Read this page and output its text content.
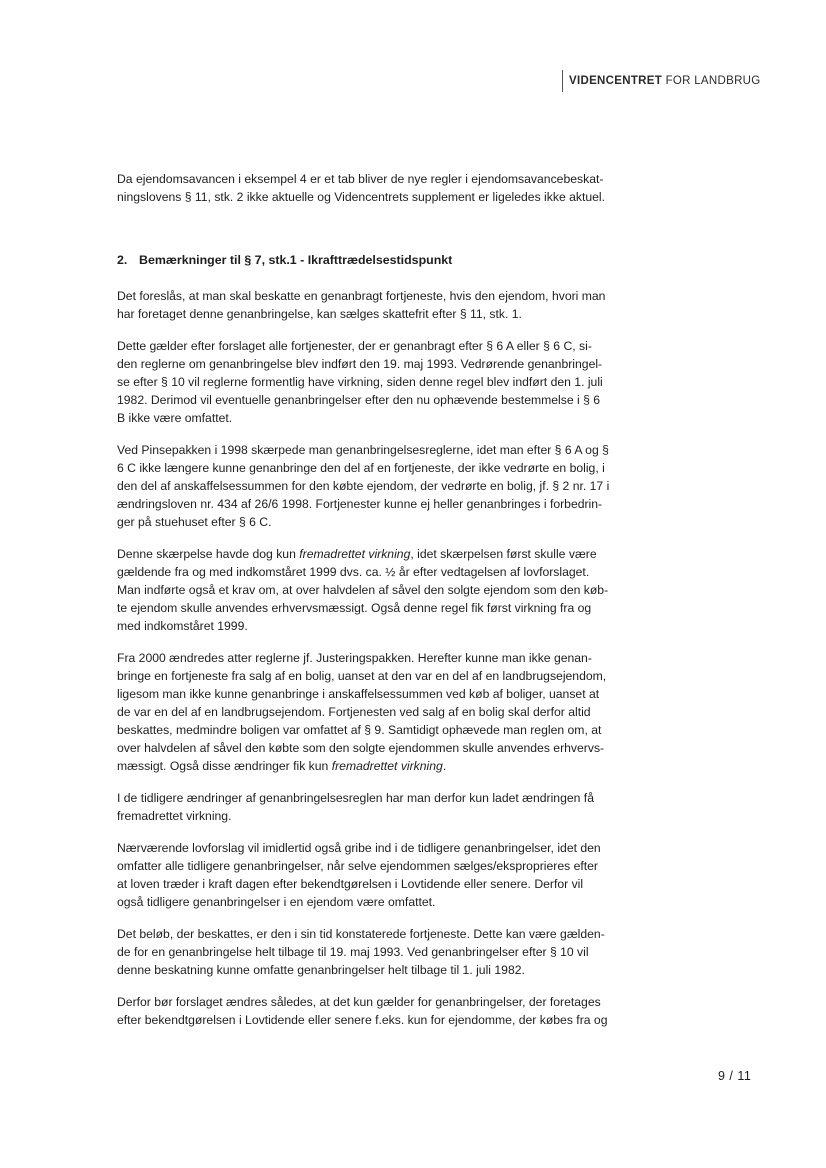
VIDENCENTRET FOR LANDBRUG

Da ejendomsavancen i eksempel 4 er et tab bliver de nye regler i ejendomsavancebeskat-
ningslovens § 11, stk. 2 ikke aktuelle og Videncentrets supplement er ligeledes ikke aktuel.

2. Bemærkninger til § 7, stk.1 - Ikrafttrædelsestidspunkt

Det foreslås, at man skal beskatte en genanbragt fortjeneste, hvis den ejendom, hvori man
har foretaget denne genanbringelse, kan sælges skattefrit efter § 11, stk. 1.

Dette gælder efter forslaget alle fortjenester, der er genanbragt efter § 6 A eller § 6 C, si-
den reglerne om genanbringelse blev indført den 19. maj 1993. Vedrørende genanbringel-
se efter § 10 vil reglerne formentlig have virkning, siden denne regel blev indført den 1. juli
1982. Derimod vil eventuelle genanbringelser efter den nu ophævende bestemmelse i § 6
B ikke være omfattet.

Ved Pinsepakken i 1998 skærpede man genanbringelsesreglerne, idet man efter § 6 A og §
6 C ikke længere kunne genanbringe den del af en fortjeneste, der ikke vedrørte en bolig, i
den del af anskaffelsessummen for den købte ejendom, der vedrørte en bolig, jf. § 2 nr. 17 i
ændringsloven nr. 434 af 26/6 1998. Fortjenester kunne ej heller genanbringes i forbedrin-
ger på stuehuset efter § 6 C.

Denne skærpelse havde dog kun fremadrettet virkning, idet skærpelsen først skulle være
gældende fra og med indkomståret 1999 dvs. ca. ½ år efter vedtagelsen af lovforslaget.
Man indførte også et krav om, at over halvdelen af såvel den solgte ejendom som den køb-
te ejendom skulle anvendes erhvervsmæssigt. Også denne regel fik først virkning fra og
med indkomståret 1999.

Fra 2000 ændredes atter reglerne jf. Justeringspakken. Herefter kunne man ikke genan-
bringe en fortjeneste fra salg af en bolig, uanset at den var en del af en landbrugsejendom,
ligesom man ikke kunne genanbringe i anskaffelsessummen ved køb af boliger, uanset at
de var en del af en landbrugsejendom. Fortjenesten ved salg af en bolig skal derfor altid
beskattes, medmindre boligen var omfattet af § 9. Samtidigt ophævede man reglen om, at
over halvdelen af såvel den købte som den solgte ejendommen skulle anvendes erhvervs-
mæssigt. Også disse ændringer fik kun fremadrettet virkning.

I de tidligere ændringer af genanbringelsesreglen har man derfor kun ladet ændringen få
fremadrettet virkning.

Nærværende lovforslag vil imidlertid også gribe ind i de tidligere genanbringelser, idet den
omfatter alle tidligere genanbringelser, når selve ejendommen sælges/eksproprieres efter
at loven træder i kraft dagen efter bekendtgørelsen i Lovtidende eller senere. Derfor vil
også tidligere genanbringelser i en ejendom være omfattet.

Det beløb, der beskattes, er den i sin tid konstaterede fortjeneste. Dette kan være gælden-
de for en genanbringelse helt tilbage til 19. maj 1993. Ved genanbringelser efter § 10 vil
denne beskatning kunne omfatte genanbringelser helt tilbage til 1. juli 1982.

Derfor bør forslaget ændres således, at det kun gælder for genanbringelser, der foretages
efter bekendtgørelsen i Lovtidende eller senere f.eks. kun for ejendomme, der købes fra og

9 / 11
